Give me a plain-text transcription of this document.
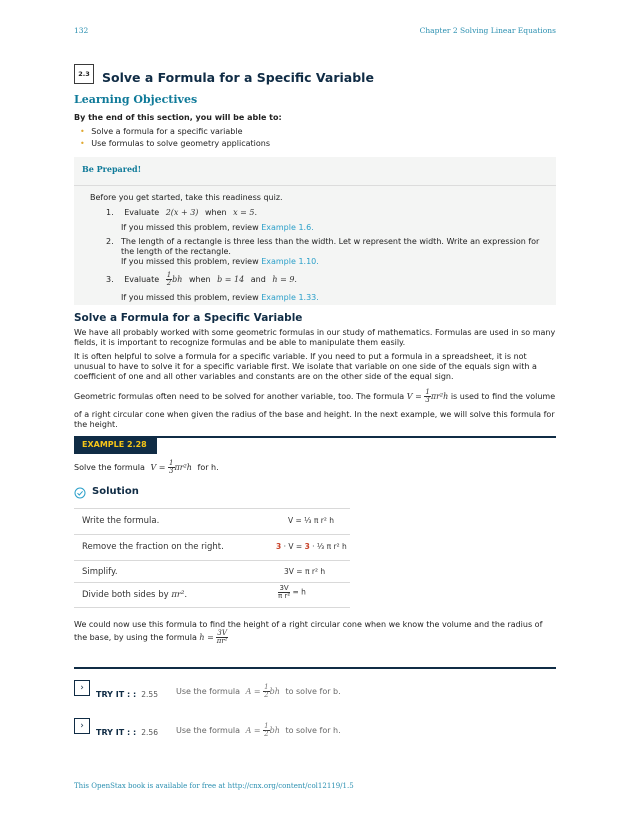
132	Chapter 2 Solving Linear Equations
2.3 Solve a Formula for a Specific Variable
Learning Objectives
By the end of this section, you will be able to:
• Solve a formula for a specific variable
• Use formulas to solve geometry applications
Be Prepared!
Before you get started, take this readiness quiz.
1. Evaluate 2(x + 3) when x = 5.
If you missed this problem, review Example 1.6.
2. The length of a rectangle is three less than the width. Let w represent the width. Write an expression for the length of the rectangle.
If you missed this problem, review Example 1.10.
3. Evaluate $\frac{1}{2}$ bh when b = 14 and h = 9.
If you missed this problem, review Example 1.33.
Solve a Formula for a Specific Variable
We have all probably worked with some geometric formulas in our study of mathematics. Formulas are used in so many fields, it is important to recognize formulas and be able to manipulate them easily.
It is often helpful to solve a formula for a specific variable. If you need to put a formula in a spreadsheet, it is not unusual to have to solve it for a specific variable first. We isolate that variable on one side of the equals sign with a coefficient of one and all other variables and constants are on the other side of the equal sign.
Geometric formulas often need to be solved for another variable, too. The formula $V = \frac{1}{3} \pi r^2h$ is used to find the volume
of a right circular cone when given the radius of the base and height. In the next example, we will solve this formula for the height.
EXAMPLE 2.28
Solve the formula $V = \frac{1}{3} \pi r^2h$ for h.
Solution
Write the formula.	V = ⅓ π r² h
Remove the fraction on the right.	3 · V = 3 · ⅓ π r² h
Simplify.	3V = π r² h
Divide both sides by πr².	$\frac{3V}{\text{π r²}} = h$
We could now use this formula to find the height of a right circular cone when we know the volume and the radius of the base, by using the formula $h = \frac{3V}{\text{πr²}}$
›
TRY IT : : 2.55 Use the formula $A = \frac{1}{2}$ bh to solve for b.
›
TRY IT : : 2.56 Use the formula $A = \frac{1}{2}$ bh to solve for h.
This OpenStax book is available for free at http://cnx.org/content/col12119/1.5
